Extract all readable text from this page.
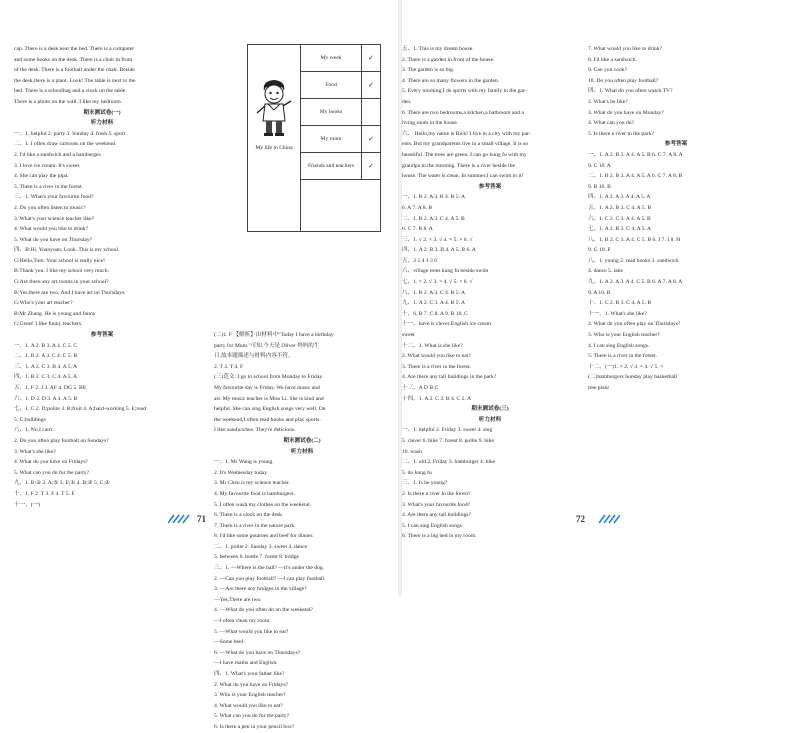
cap. There is a desk near the bed. There is a computer
and some books on the desk. There is a chair in front
of the desk. There is a football under the chair. Beside
the desk,there is a plant. Look! The table is next to the
bed. There is a schoolbag and a clock on the table.
There is a photo on the wall. I like my bedroom.
期末测试卷(一)
听力材料
一、1. helpful 2. party 3. Sunday 4. fresh 5. sport
二、1. I often draw cartoons on the weekend.
2. I'd like a sandwich and a hamburger.
3. I love ice cream. It's sweet.
4. She can play the pipa.
5. There is a river in the forest.
三、1. What's your favourite food?
2. Do you often listen to music?
3. What's your science teacher like?
4. What would you like to drink?
5. What do you have on Thursday?
四、B:Hi, Yuanyuan. Look. This is my school.
G:Hello,Tom. Your school is really nice!
B:Thank you. I like my school very much.
G:Are there any art rooms in your school?
B:Yes,there are two. And I have art on Thursdays.
G:Who's your art teacher?
B:Mr Zhang. He is young and funny.
G:Great! I like funny teachers.
参考答案
一、1. A 2. B 3. A 4. C 5. C
二、1. B 2. A 3. C 4. C 5. B
三、1. A 2. C 3. B 4. A 5. A
四、1. B 2. C 3. C 4. A 5. A
五、1. F 2. J 3. AF 4. DG 5. BE
六、1. D 2. D 3. A 4. A 5. B
七、1. C 2. D;polite 3. B;fruit 4. A;hard-working 5. E;read
5. C;buildings
八、1. No,I can't.
2. Do you often play football on Sundays?
3. What's she like?
4. What do you have on Fridays?
5. What can you do for the party?
九、1. B;② 2. A;⑤ 3. E;① 4. B;③ 5. C;②
十、1. F 2. T 3. F 4. T 5. F
十一、(一)
My life in China
My week	✓
Food	✓
My books
My room	✓
Friends and teachers	✓
(二)1. F 【解析】由材料中"Today I have a birthday
party for Mum."可知,今天是 Oliver 妈妈的生
日,故本题描述与材料内容不符。
2. T 3. T 4. F
(三)范文: I go to school from Monday to Friday.
My favourite day is Friday. We have music and
art. My music teacher is Miss Li. She is kind and
helpful. She can sing English songs very well. On
the weekend,I often read books and play sports.
I like sandwiches. They're delicious.
期末测试卷(二)
听力材料
一、1. Mr Wang is young.
2. It's Wednesday today.
3. Mr Chen is my science teacher.
4. My favourite food is hamburgers.
5. I often wash my clothes on the weekend.
6. There is a clock on the desk.
7. There is a river in the nature park.
8. I'd like some potatoes and beef for dinner.
二、1. polite 2. Sunday 3. sweet 4. dance
5. between 6. bottle 7. forest 8. bridge
三、1. —Where is the ball? —It's under the dog.
2. —Can you play football? —I can play football.
3. —Are there any bridges in the village?
—Yes,There are two.
4. —What do you often do on the weekend?
—I often clean my room.
5. —What would you like to eat?
—Some beef.
6. —What do you have on Thursdays?
—I have maths and English.
四、1. What's your father like?
2. What do you have on Fridays?
3. Who is your English teacher?
4. What would you like to eat?
5. What can you do for the party?
6. Is there a pen in your pencil box?
五、1. This is my dream house.
2. There is a garden in front of the house.
3. The garden is so big.
4. There are so many flowers in the garden.
5. Every morning,I do sports with my family in the gar-
den.
6. There are two bedrooms,a kitchen,a bathroom and a
living room in the house.
六、 Hello,my name is Rick! I live in a city with my par-
ents. But my grandparents live in a small village. It is so
beautiful. The trees are green. I can go kung fu with my
grandpa in the morning. There is a river beside the
house. The water is clean. In summer,I can swim in it!
参考答案
一、1. B 2. A 3. B 4. B 5. A
6. A 7. A 8. B
二、1. B 2. A 3. C 4. A 5. B
6. C 7. B 8. A
三、1. √ 2. × 3. √ 4. × 5. × 6. √
四、1. A 2. B 3. B 4. A 5. B 6. A
五、2 5 4 1 3 6
六、village trees kung fu beside swim
七、1. × 2. √ 3. × 4. √ 5. × 6. √
八、1. B 2. A 3. C 4. B 5. A
九、1. A 2. C 3. A 4. B 5. A
十、6. B 7. C 8. A 9. B 10. C
十一、have is clever English ice cream
sweet
十二、1. What is she like?
2. What would you like to eat?
3. There is a river in the forest.
4. Are there any tall buildings in the park?
十三、A D B C
十四、1. A 2. C 3. B 4. C 5. A
期末测试卷(三)
听力材料
一、1. helpful 2. Friday 3. sweet 4. sing
5. clever 6. bike 7. forest 8. polite 9. bike
10. wash
二、1. old 2. Friday 3. hamburger 4. bike
5. do kung fu
三、1. Is he young?
2. Is there a river in the forest?
3. What's your favourite food?
4. Are there any tall buildings?
5. I can sing English songs
6. There is a big bed in my room.
7. What would you like to drink?
8. I'd like a sandwich.
9. Can you cook?
10. Do you often play football?
四、1. What do you often watch TV?
2. What's he like?
3. What do you have on Monday?
4. What can you do?
5. Is there a river in the park?
参考答案
一、1. A 2. B 3. A 4. A 5. B 6. C 7. A 8. A
9. C 10. A
二、1. B 2. B 3. A 4. A 5. A 6. C 7. A 8. B
9. B 10. B
四、1. A 2. A 3. A 4. A 5. A
五、1. A 2. B 3. C 4. A 5. B
六、1. C 2. C 3. A 4. A 5. B
七、1. A 2. B 3. C 4. A 5. A
八、1. B 2. C 3. A 4. C 5. B 6. J 7. I 8. H
9. G 10. F
八、1. young 2. read books 3. sandwich
4. dance 5. lake
九、1. A 2. A 3. A 4. C 5. B 6. A 7. A 8. A
9. A 10. B
十、1. C 2. B 3. C 4. A 5. B
十一、1. What's she like?
2. What do you often play on Thursdays?
3. Who is your English teacher?
4. I can sing English songs.
5. There is a river in the forest.
十二、(一)1. × 2. √ 3. × 4. √ 5. ×
(二)hamburgers Sunday play basketball
tree plant
71	72
